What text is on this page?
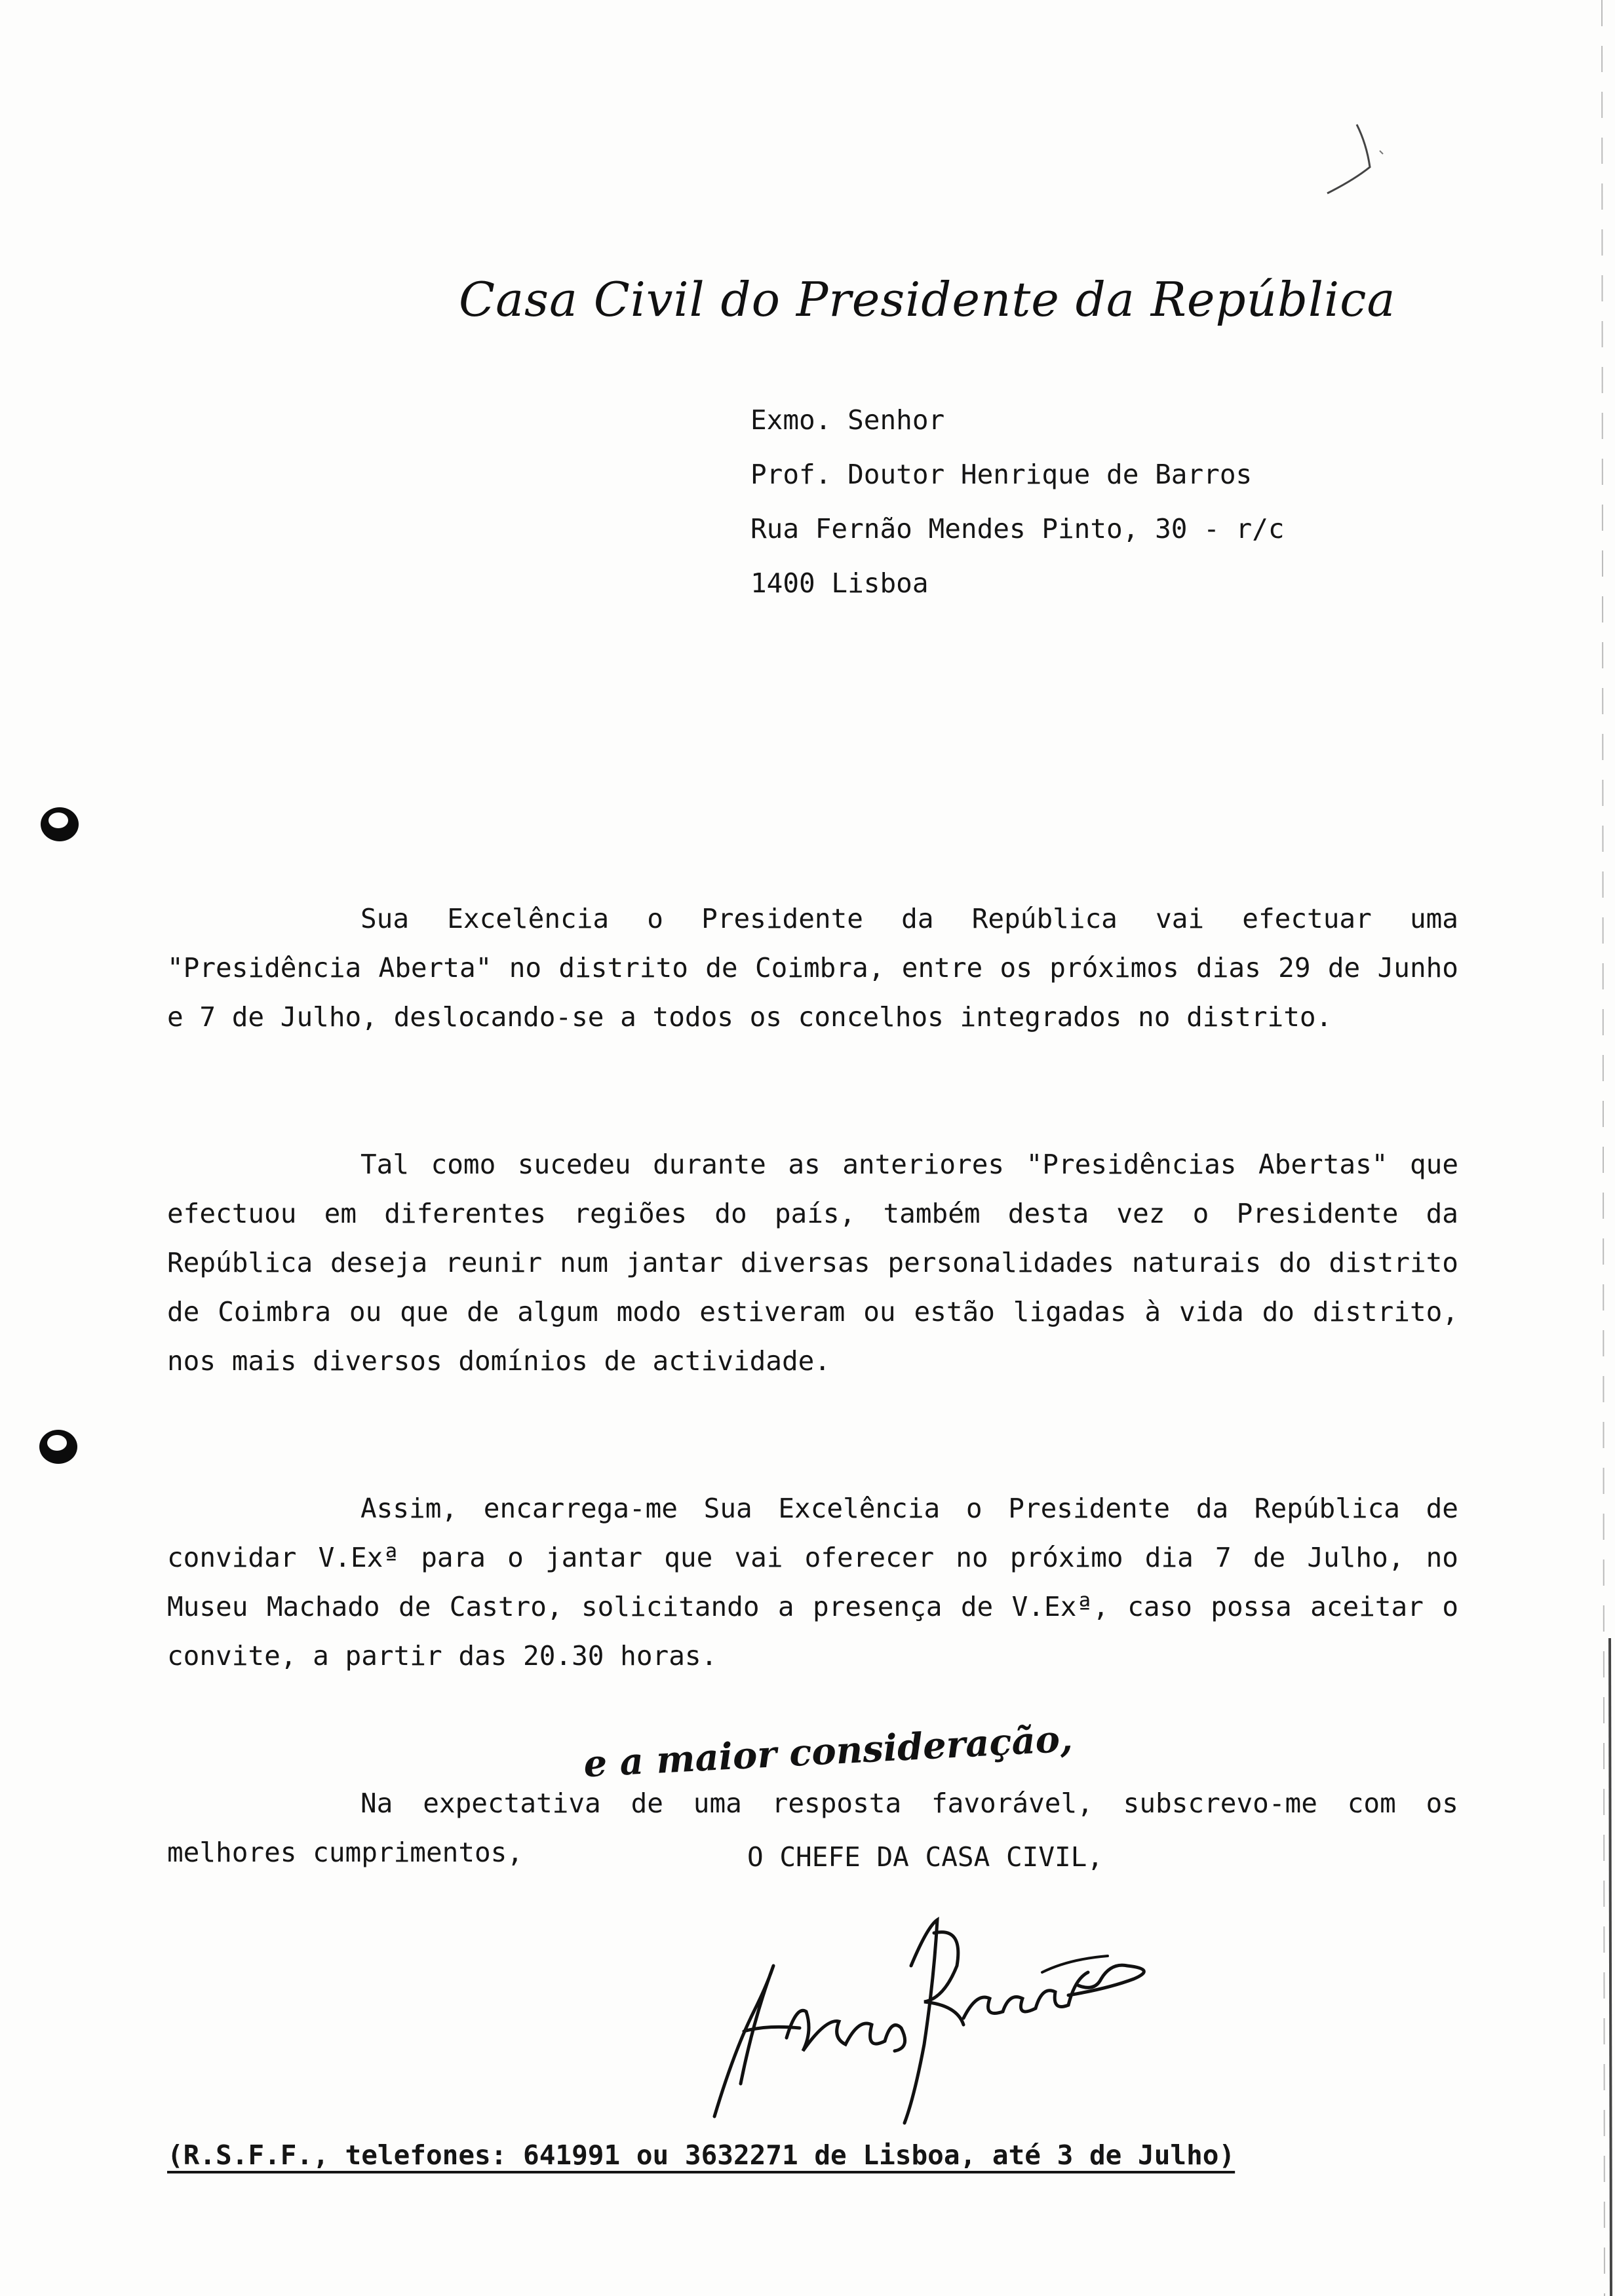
Casa Civil do Presidente da República
Exmo. Senhor
Prof. Doutor Henrique de Barros
Rua Fernão Mendes Pinto, 30 - r/c
1400 Lisboa

Sua Excelência o Presidente da República vai efectuar uma "Presidência Aberta" no distrito de Coimbra, entre os próximos dias 29 de Junho e 7 de Julho, deslocando-se a todos os concelhos integrados no distrito.

Tal como sucedeu durante as anteriores "Presidências Abertas" que efectuou em diferentes regiões do país, também desta vez o Presidente da República deseja reunir num jantar diversas personalidades naturais do distrito de Coimbra ou que de algum modo estiveram ou estão ligadas à vida do distrito, nos mais diversos domínios de actividade.

Assim, encarrega-me Sua Excelência o Presidente da República de convidar V.Exª para o jantar que vai oferecer no próximo dia 7 de Julho, no Museu Machado de Castro, solicitando a presença de V.Exª, caso possa aceitar o convite, a partir das 20.30 horas.

Na expectativa de uma resposta favorável, subscrevo-me com os melhores cumprimentos,

e a maior consideração,
O CHEFE DA CASA CIVIL,
(R.S.F.F., telefones: 641991 ou 3632271 de Lisboa, até 3 de Julho)
